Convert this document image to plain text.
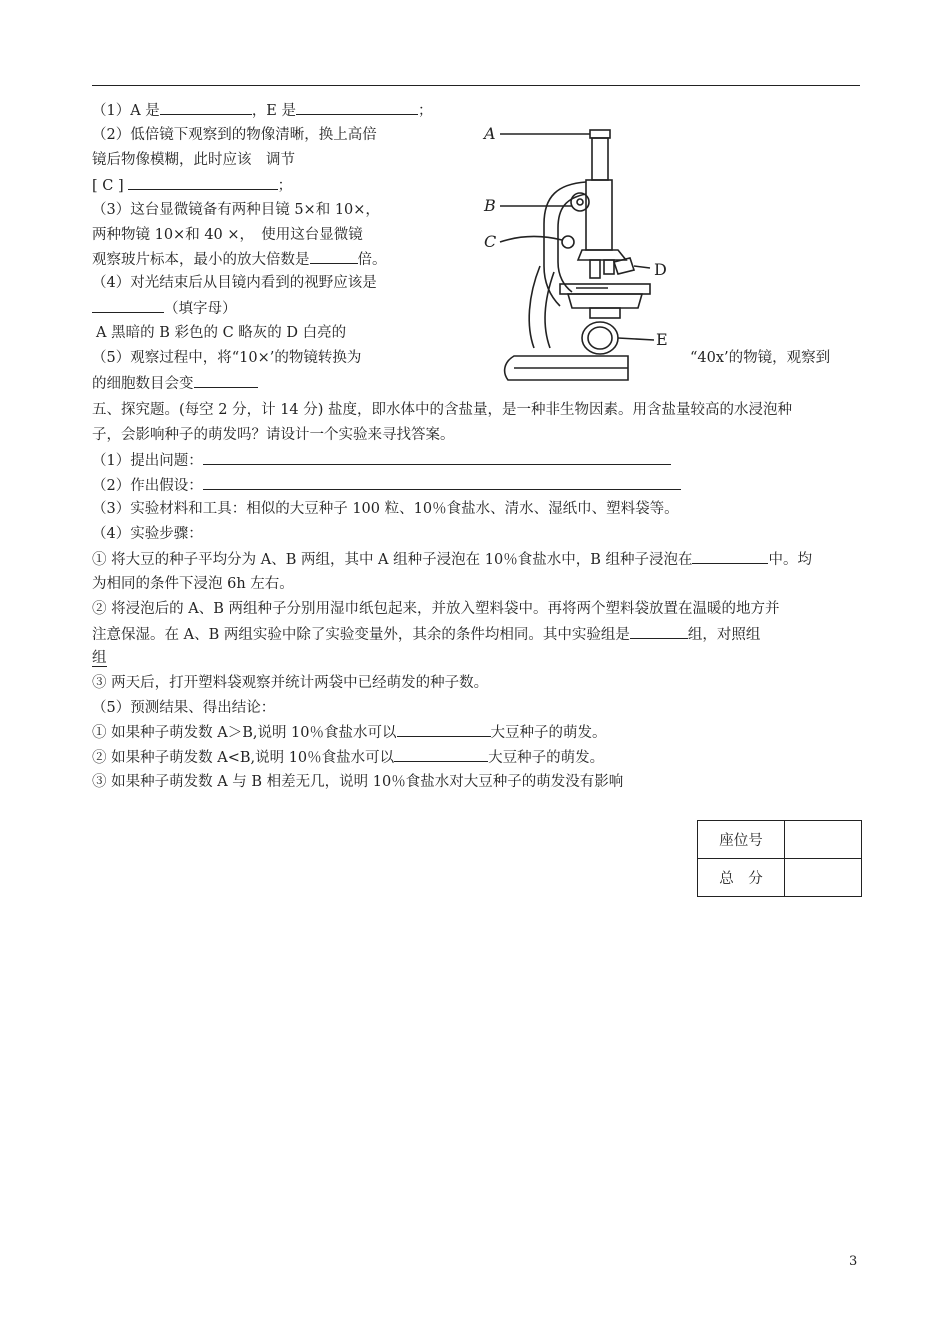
（1）A 是	，E 是	；
（2）低倍镜下观察到的物像清晰，换上高倍
镜后物像模糊，此时应该　调节
[ C ]	；
（3）这台显微镜备有两种目镜 5×和 10×，
两种物镜 10×和 40 ×，　使用这台显微镜
观察玻片标本，最小的放大倍数是	倍。
（4）对光结束后从目镜内看到的视野应该是
（填字母）
A 黑暗的 B 彩色的 C 略灰的 D 白亮的
（5）观察过程中，将“10×’的物镜转换为	“40x’的物镜，观察到
的细胞数目会变
A
B
C
D
E
五、探究题。(每空 2 分，计 14 分) 盐度，即水体中的含盐量，是一种非生物因素。用含盐量较高的水浸泡种
子，会影响种子的萌发吗？请设计一个实验来寻找答案。
（1）提出问题：
（2）作出假设：
（3）实验材料和工具：相似的大豆种子 100 粒、10％食盐水、清水、湿纸巾、塑料袋等。
（4）实验步骤：
① 将大豆的种子平均分为 A、B 两组，其中 A 组种子浸泡在 10％食盐水中，B 组种子浸泡在	中。均
为相同的条件下浸泡 6h 左右。
② 将浸泡后的 A、B 两组种子分别用湿巾纸包起来，并放入塑料袋中。再将两个塑料袋放置在温暖的地方并
注意保湿。在 A、B 两组实验中除了实验变量外，其余的条件均相同。其中实验组是	组，对照组
组
③ 两天后，打开塑料袋观察并统计两袋中已经萌发的种子数。
（5）预测结果、得出结论：
① 如果种子萌发数 A＞B,说明 10％食盐水可以	大豆种子的萌发。
② 如果种子萌发数 A<B,说明 10％食盐水可以	大豆种子的萌发。
③ 如果种子萌发数 A 与 B 相差无几，说明 10％食盐水对大豆种子的萌发没有影响
座位号	
总　分	
3
